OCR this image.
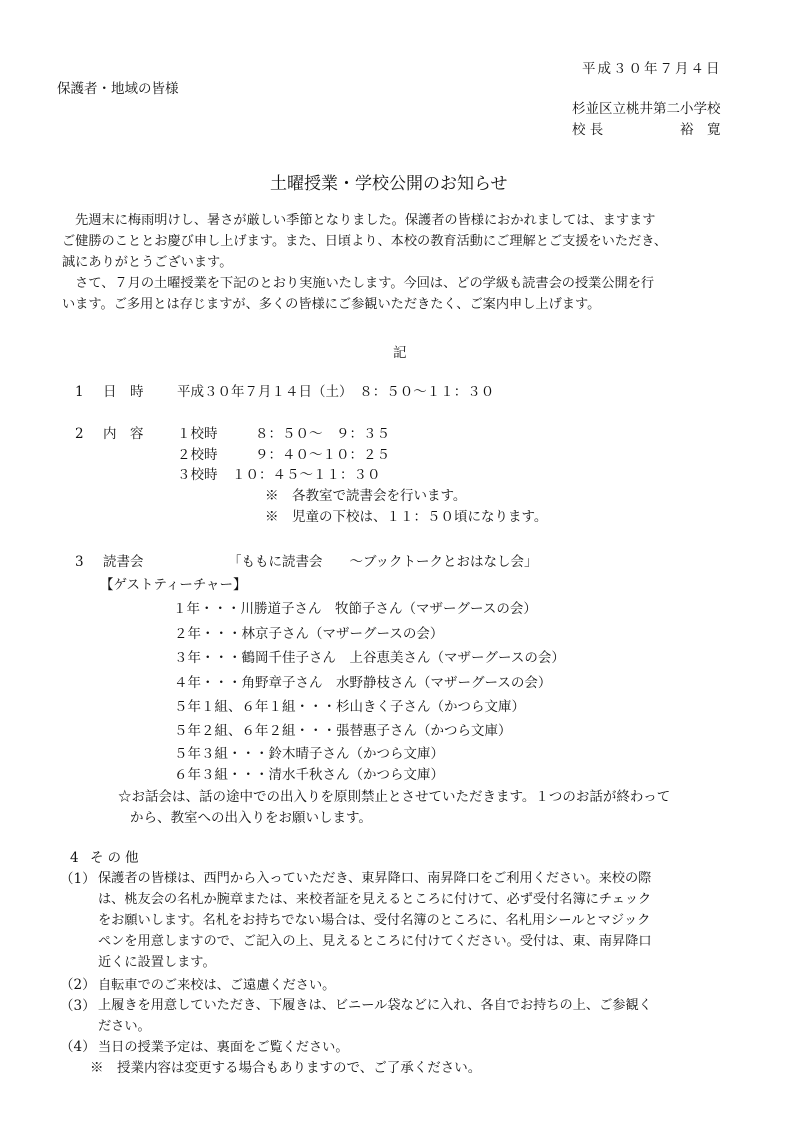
平成３０年７月４日
保護者・地域の皆様
杉並区立桃井第二小学校
校 長	裕　寛
土曜授業・学校公開のお知らせ
　先週末に梅雨明けし、暑さが厳しい季節となりました。保護者の皆様におかれましては、ますます
ご健勝のこととお慶び申し上げます。また、日頃より、本校の教育活動にご理解とご支援をいただき、
誠にありがとうございます。
　さて、７月の土曜授業を下記のとおり実施いたします。今回は、どの学級も読書会の授業公開を行
います。ご多用とは存じますが、多くの皆様にご参観いただきたく、ご案内申し上げます。
記
1 日　時 平成３０年７月１４日（土）　８：５０～１１：３０
2 内　容 １校時	８：５０～　９：３５
２校時	９：４０～１０：２５
３校時 １０：４５～１１：３０
※　各教室で読書会を行います。
※　児童の下校は、１１：５０頃になります。
3 読書会	「ももに読書会　　～ブックトークとおはなし会」
【ゲストティーチャー】
１年・・・川勝道子さん　牧節子さん（マザーグースの会）
２年・・・林京子さん（マザーグースの会）
３年・・・鶴岡千佳子さん　上谷恵美さん（マザーグースの会）
４年・・・角野章子さん　水野静枝さん（マザーグースの会）
５年１組、６年１組・・・杉山きく子さん（かつら文庫）
５年２組、６年２組・・・張替惠子さん（かつら文庫）
５年３組・・・鈴木晴子さん（かつら文庫）
６年３組・・・清水千秋さん（かつら文庫）
☆お話会は、話の途中での出入りを原則禁止とさせていただきます。１つのお話が終わって
から、教室への出入りをお願いします。
4 その他
（1） 保護者の皆様は、西門から入っていただき、東昇降口、南昇降口をご利用ください。来校の際
は、桃友会の名札か腕章または、来校者証を見えるところに付けて、必ず受付名簿にチェック
をお願いします。名札をお持ちでない場合は、受付名簿のところに、名札用シールとマジック
ペンを用意しますので、ご記入の上、見えるところに付けてください。受付は、東、南昇降口
近くに設置します。
（2） 自転車でのご来校は、ご遠慮ください。
（3） 上履きを用意していただき、下履きは、ビニール袋などに入れ、各自でお持ちの上、ご参観く
ださい。
（4） 当日の授業予定は、裏面をご覧ください。
※　授業内容は変更する場合もありますので、ご了承ください。
